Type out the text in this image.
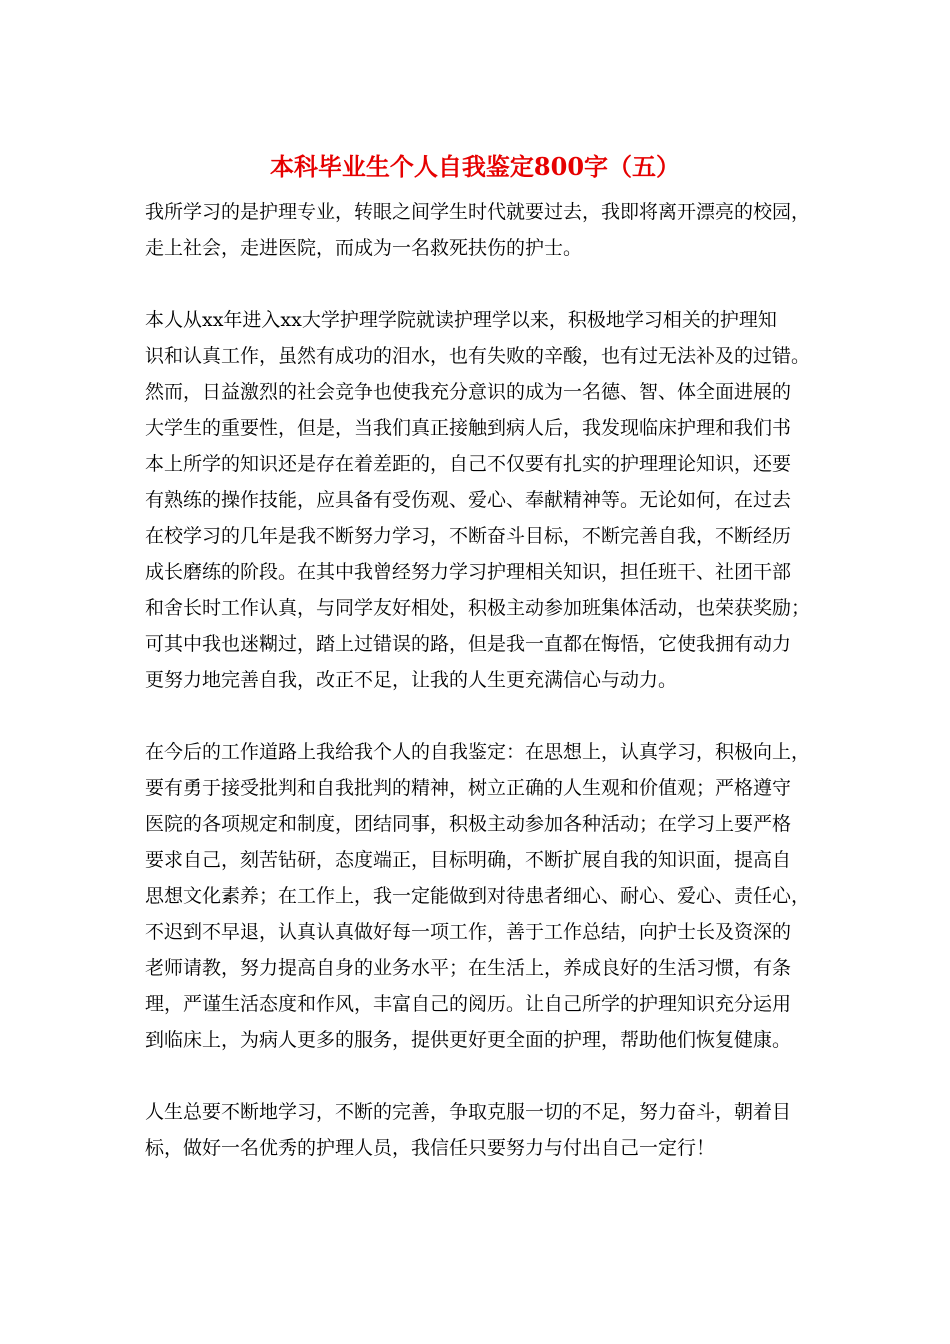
本科毕业生个人自我鉴定800字（五）

我所学习的是护理专业，转眼之间学生时代就要过去，我即将离开漂亮的校园，

走上社会，走进医院，而成为一名救死扶伤的护士。

本人从xx年进入xx大学护理学院就读护理学以来，积极地学习相关的护理知

识和认真工作，虽然有成功的泪水，也有失败的辛酸，也有过无法补及的过错。

然而，日益激烈的社会竞争也使我充分意识的成为一名德、智、体全面进展的

大学生的重要性，但是，当我们真正接触到病人后，我发现临床护理和我们书

本上所学的知识还是存在着差距的，自己不仅要有扎实的护理理论知识，还要

有熟练的操作技能，应具备有受伤观、爱心、奉献精神等。无论如何，在过去

在校学习的几年是我不断努力学习，不断奋斗目标，不断完善自我，不断经历

成长磨练的阶段。在其中我曾经努力学习护理相关知识，担任班干、社团干部

和舍长时工作认真，与同学友好相处，积极主动参加班集体活动，也荣获奖励；

可其中我也迷糊过，踏上过错误的路，但是我一直都在悔悟，它使我拥有动力

更努力地完善自我，改正不足，让我的人生更充满信心与动力。

在今后的工作道路上我给我个人的自我鉴定：在思想上，认真学习，积极向上，

要有勇于接受批判和自我批判的精神，树立正确的人生观和价值观；严格遵守

医院的各项规定和制度，团结同事，积极主动参加各种活动；在学习上要严格

要求自己，刻苦钻研，态度端正，目标明确，不断扩展自我的知识面，提高自

思想文化素养；在工作上，我一定能做到对待患者细心、耐心、爱心、责任心，

不迟到不早退，认真认真做好每一项工作，善于工作总结，向护士长及资深的

老师请教，努力提高自身的业务水平；在生活上，养成良好的生活习惯，有条

理，严谨生活态度和作风，丰富自己的阅历。让自己所学的护理知识充分运用

到临床上，为病人更多的服务，提供更好更全面的护理，帮助他们恢复健康。

人生总要不断地学习，不断的完善，争取克服一切的不足，努力奋斗，朝着目

标，做好一名优秀的护理人员，我信任只要努力与付出自己一定行！
